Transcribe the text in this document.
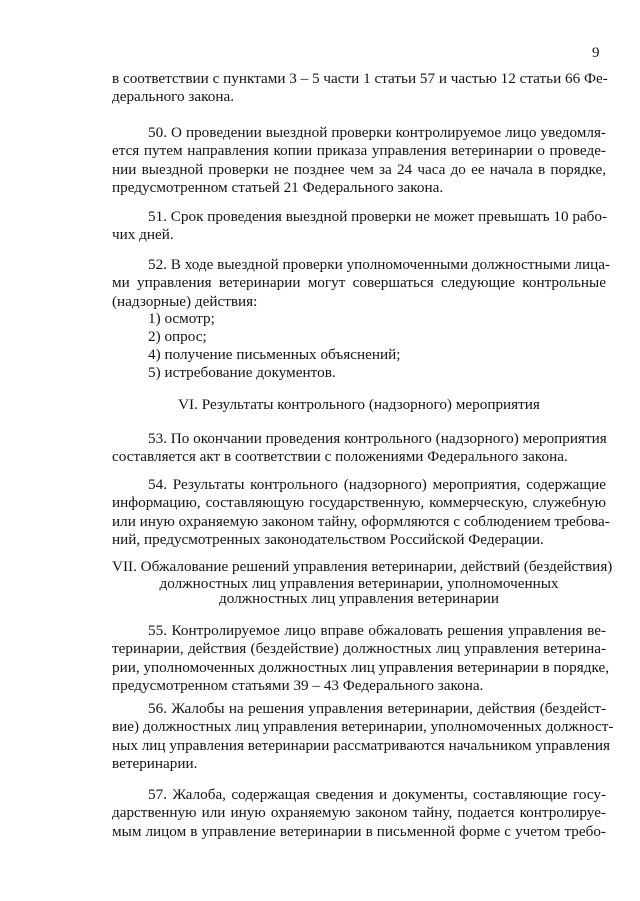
9
в соответствии с пунктами 3 – 5 части 1 статьи 57 и частью 12 статьи 66 Фе-
дерального закона.
50. О проведении выездной проверки контролируемое лицо уведомля-
ется путем направления копии приказа управления ветеринарии о проведе-
нии выездной проверки не позднее чем за 24 часа до ее начала в порядке,
предусмотренном статьей 21 Федерального закона.
51. Срок проведения выездной проверки не может превышать 10 рабо-
чих дней.
52. В ходе выездной проверки уполномоченными должностными лица-
ми управления ветеринарии могут совершаться следующие контрольные
(надзорные) действия:
1) осмотр;
2) опрос;
4) получение письменных объяснений;
5) истребование документов.
VI. Результаты контрольного (надзорного) мероприятия
53. По окончании проведения контрольного (надзорного) мероприятия
составляется акт в соответствии с положениями Федерального закона.
54. Результаты контрольного (надзорного) мероприятия, содержащие
информацию, составляющую государственную, коммерческую, служебную
или иную охраняемую законом тайну, оформляются с соблюдением требова-
ний, предусмотренных законодательством Российской Федерации.
VII. Обжалование решений управления ветеринарии, действий (бездействия)
должностных лиц управления ветеринарии, уполномоченных
должностных лиц управления ветеринарии
55. Контролируемое лицо вправе обжаловать решения управления ве-
теринарии, действия (бездействие) должностных лиц управления ветерина-
рии, уполномоченных должностных лиц управления ветеринарии в порядке,
предусмотренном статьями 39 – 43 Федерального закона.
56. Жалобы на решения управления ветеринарии, действия (бездейст-
вие) должностных лиц управления ветеринарии, уполномоченных должност-
ных лиц управления ветеринарии рассматриваются начальником управления
ветеринарии.
57. Жалоба, содержащая сведения и документы, составляющие госу-
дарственную или иную охраняемую законом тайну, подается контролируе-
мым лицом в управление ветеринарии в письменной форме с учетом требо-
